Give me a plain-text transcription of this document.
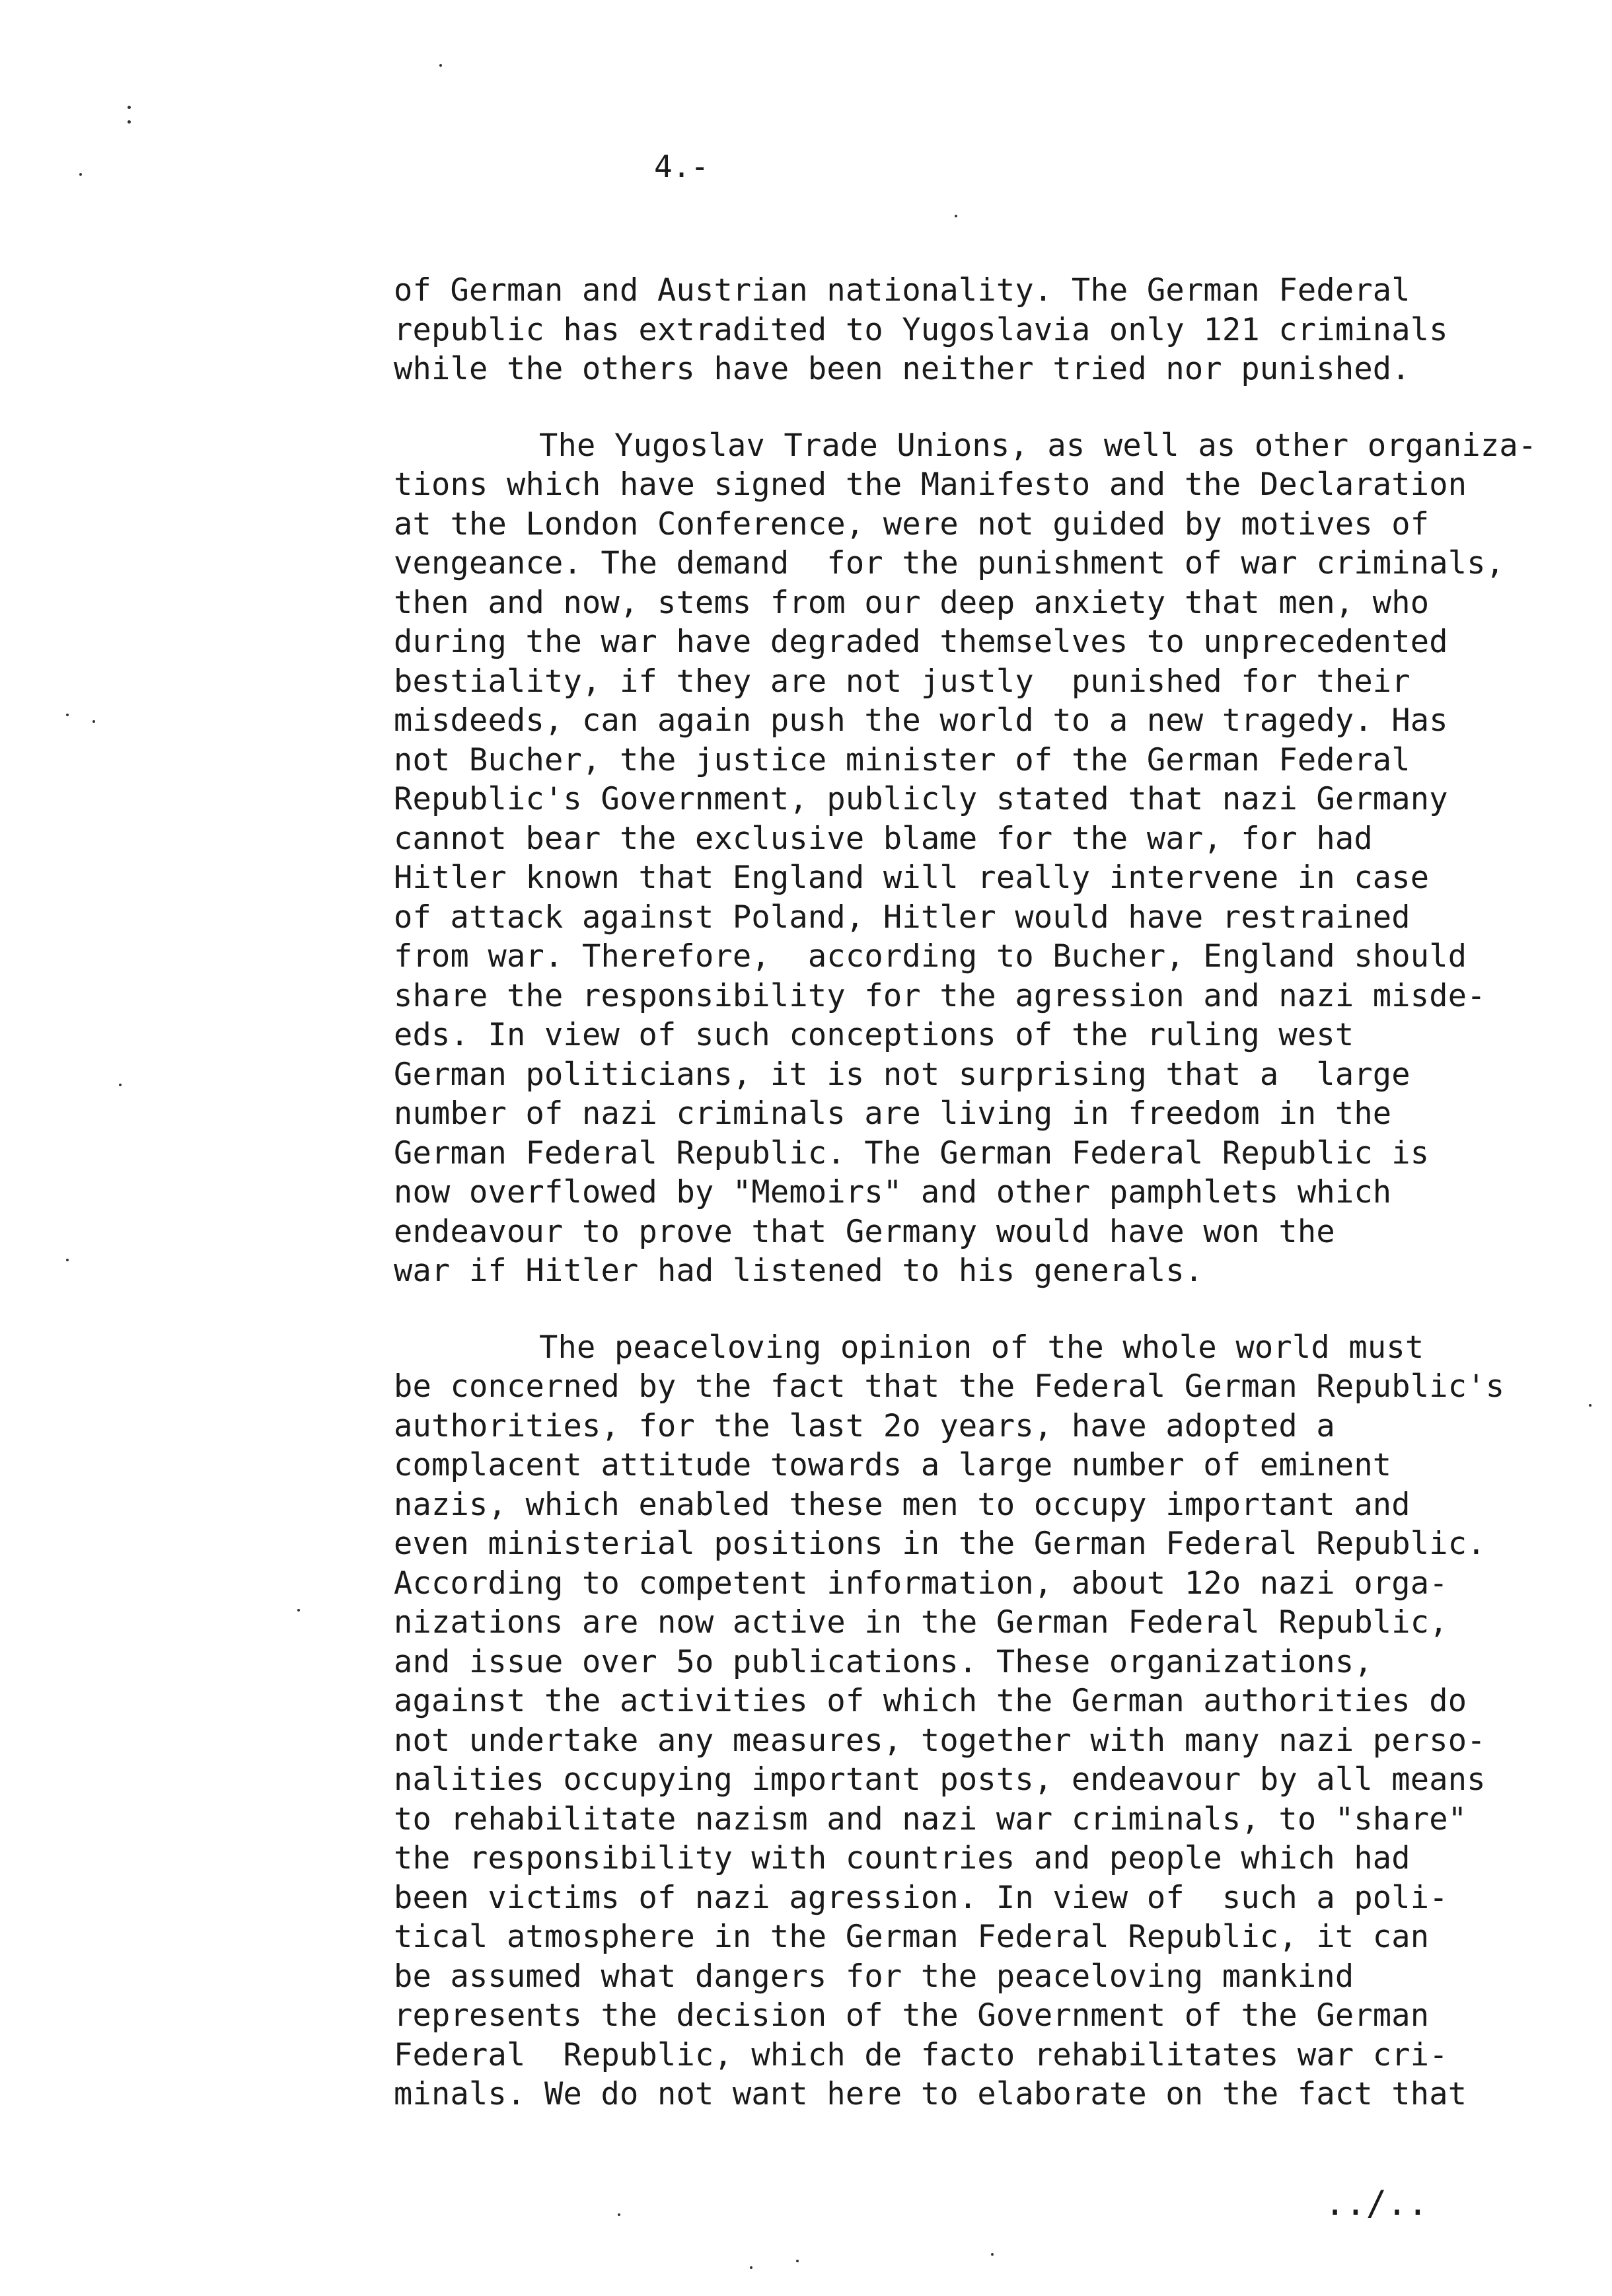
4.-
of German and Austrian nationality. The German Federal
republic has extradited to Yugoslavia only 121 criminals
while the others have been neither tried nor punished.
The Yugoslav Trade Unions, as well as other organiza-
tions which have signed the Manifesto and the Declaration
at the London Conference, were not guided by motives of
vengeance. The demand  for the punishment of war criminals,
then and now, stems from our deep anxiety that men, who
during the war have degraded themselves to unprecedented
bestiality, if they are not justly  punished for their
misdeeds, can again push the world to a new tragedy. Has
not Bucher, the justice minister of the German Federal
Republic's Government, publicly stated that nazi Germany
cannot bear the exclusive blame for the war, for had
Hitler known that England will really intervene in case
of attack against Poland, Hitler would have restrained
from war. Therefore,  according to Bucher, England should
share the responsibility for the agression and nazi misde-
eds. In view of such conceptions of the ruling west
German politicians, it is not surprising that a  large
number of nazi criminals are living in freedom in the
German Federal Republic. The German Federal Republic is
now overflowed by "Memoirs" and other pamphlets which
endeavour to prove that Germany would have won the
war if Hitler had listened to his generals.
The peaceloving opinion of the whole world must
be concerned by the fact that the Federal German Republic's
authorities, for the last 2o years, have adopted a
complacent attitude towards a large number of eminent
nazis, which enabled these men to occupy important and
even ministerial positions in the German Federal Republic.
According to competent information, about 12o nazi orga-
nizations are now active in the German Federal Republic,
and issue over 5o publications. These organizations,
against the activities of which the German authorities do
not undertake any measures, together with many nazi perso-
nalities occupying important posts, endeavour by all means
to rehabilitate nazism and nazi war criminals, to "share"
the responsibility with countries and people which had
been victims of nazi agression. In view of  such a poli-
tical atmosphere in the German Federal Republic, it can
be assumed what dangers for the peaceloving mankind
represents the decision of the Government of the German
Federal  Republic, which de facto rehabilitates war cri-
minals. We do not want here to elaborate on the fact that
../..
